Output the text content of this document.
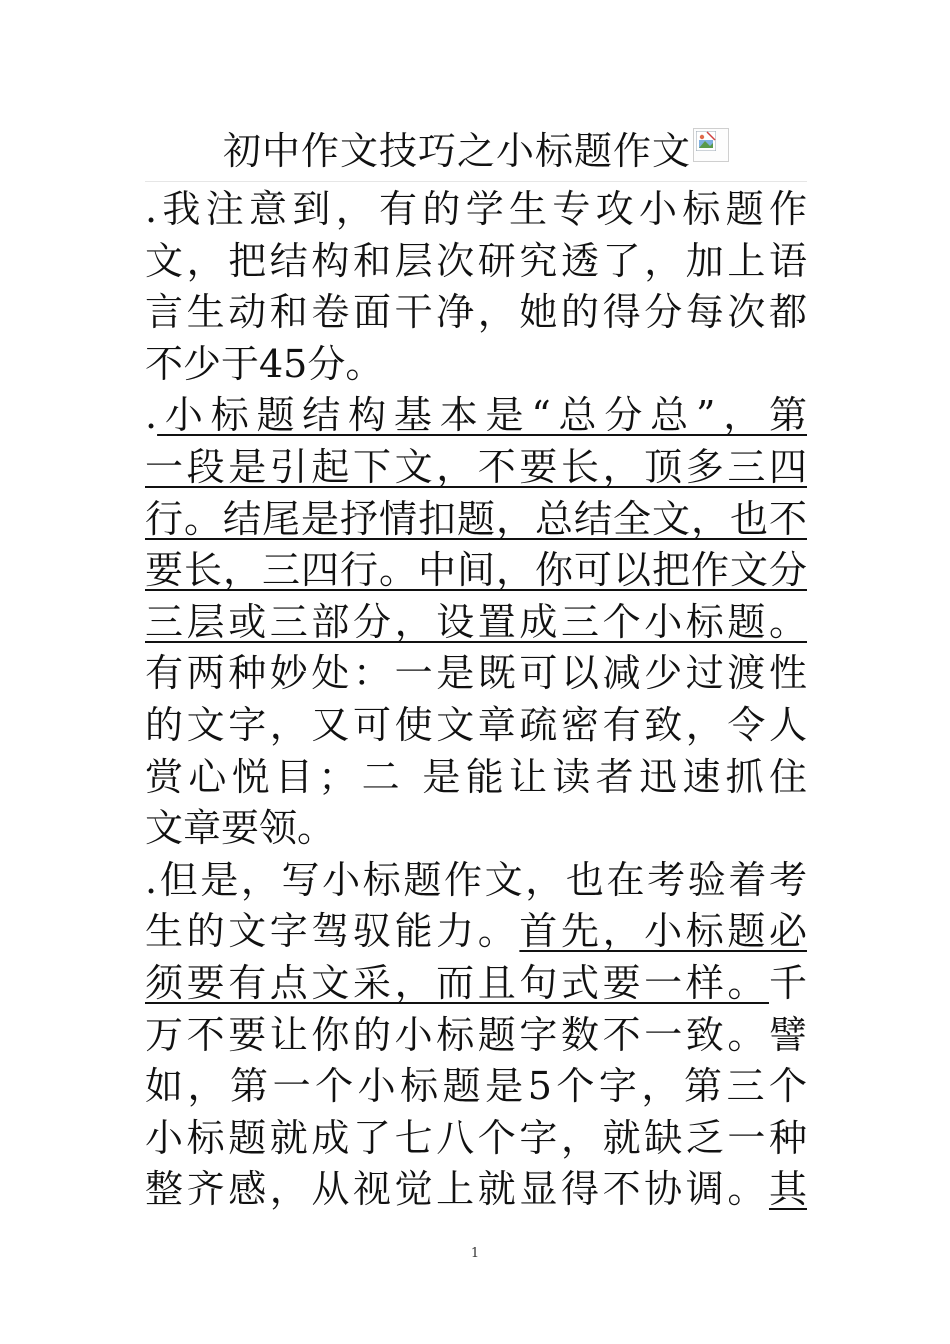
初中作文技巧之小标题作文
.我注意到，有的学生专攻小标题作
文，把结构和层次研究透了，加上语
言生动和卷面干净，她的得分每次都
不少于45分。
.小标题结构基本是“总分总”，第
一段是引起下文，不要长，顶多三四
行。结尾是抒情扣题，总结全文，也不
要长，三四行。中间，你可以把作文分
三层或三部分，设置成三个小标题。
有两种妙处：一是既可以减少过渡性
的文字，又可使文章疏密有致，令人
赏心悦目；二 是能让读者迅速抓住
文章要领。
.但是，写小标题作文，也在考验着考
生的文字驾驭能力。首先，小标题必
须要有点文采，而且句式要一样。千
万不要让你的小标题字数不一致。譬
如，第一个小标题是5个字，第三个
小标题就成了七八个字，就缺乏一种
整齐感，从视觉上就显得不协调。其
1
